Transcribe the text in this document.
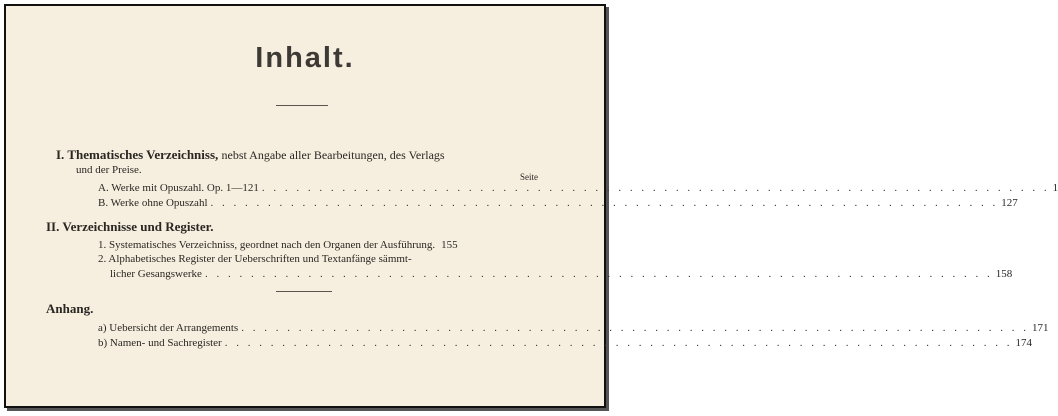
Inhalt.
I. Thematisches Verzeichniss, nebst Angabe aller Bearbeitungen, des Verlags
und der Preise.
Seite
A. Werke mit Opuszahl. Op. 1—121 . . . . . . . . . . . . . . . . . . . . . . . . . . . . . . . . . . . . . . . . . . . . . . . . . . . . . . . . . . . . . . . . . . . . . 1
B. Werke ohne Opuszahl . . . . . . . . . . . . . . . . . . . . . . . . . . . . . . . . . . . . . . . . . . . . . . . . . . . . . . . . . . . . . . . . . . . . . 127
II. Verzeichnisse und Register.
1. Systematisches Verzeichniss, geordnet nach den Organen der Ausführung. 155
2. Alphabetisches Register der Ueberschriften und Textanfänge sämmt-
licher Gesangswerke . . . . . . . . . . . . . . . . . . . . . . . . . . . . . . . . . . . . . . . . . . . . . . . . . . . . . . . . . . . . . . . . . . . . . 158
Anhang.
a) Uebersicht der Arrangements . . . . . . . . . . . . . . . . . . . . . . . . . . . . . . . . . . . . . . . . . . . . . . . . . . . . . . . . . . . . . . . . . . . . . 171
b) Namen- und Sachregister . . . . . . . . . . . . . . . . . . . . . . . . . . . . . . . . . . . . . . . . . . . . . . . . . . . . . . . . . . . . . . . . . . . . . 174
